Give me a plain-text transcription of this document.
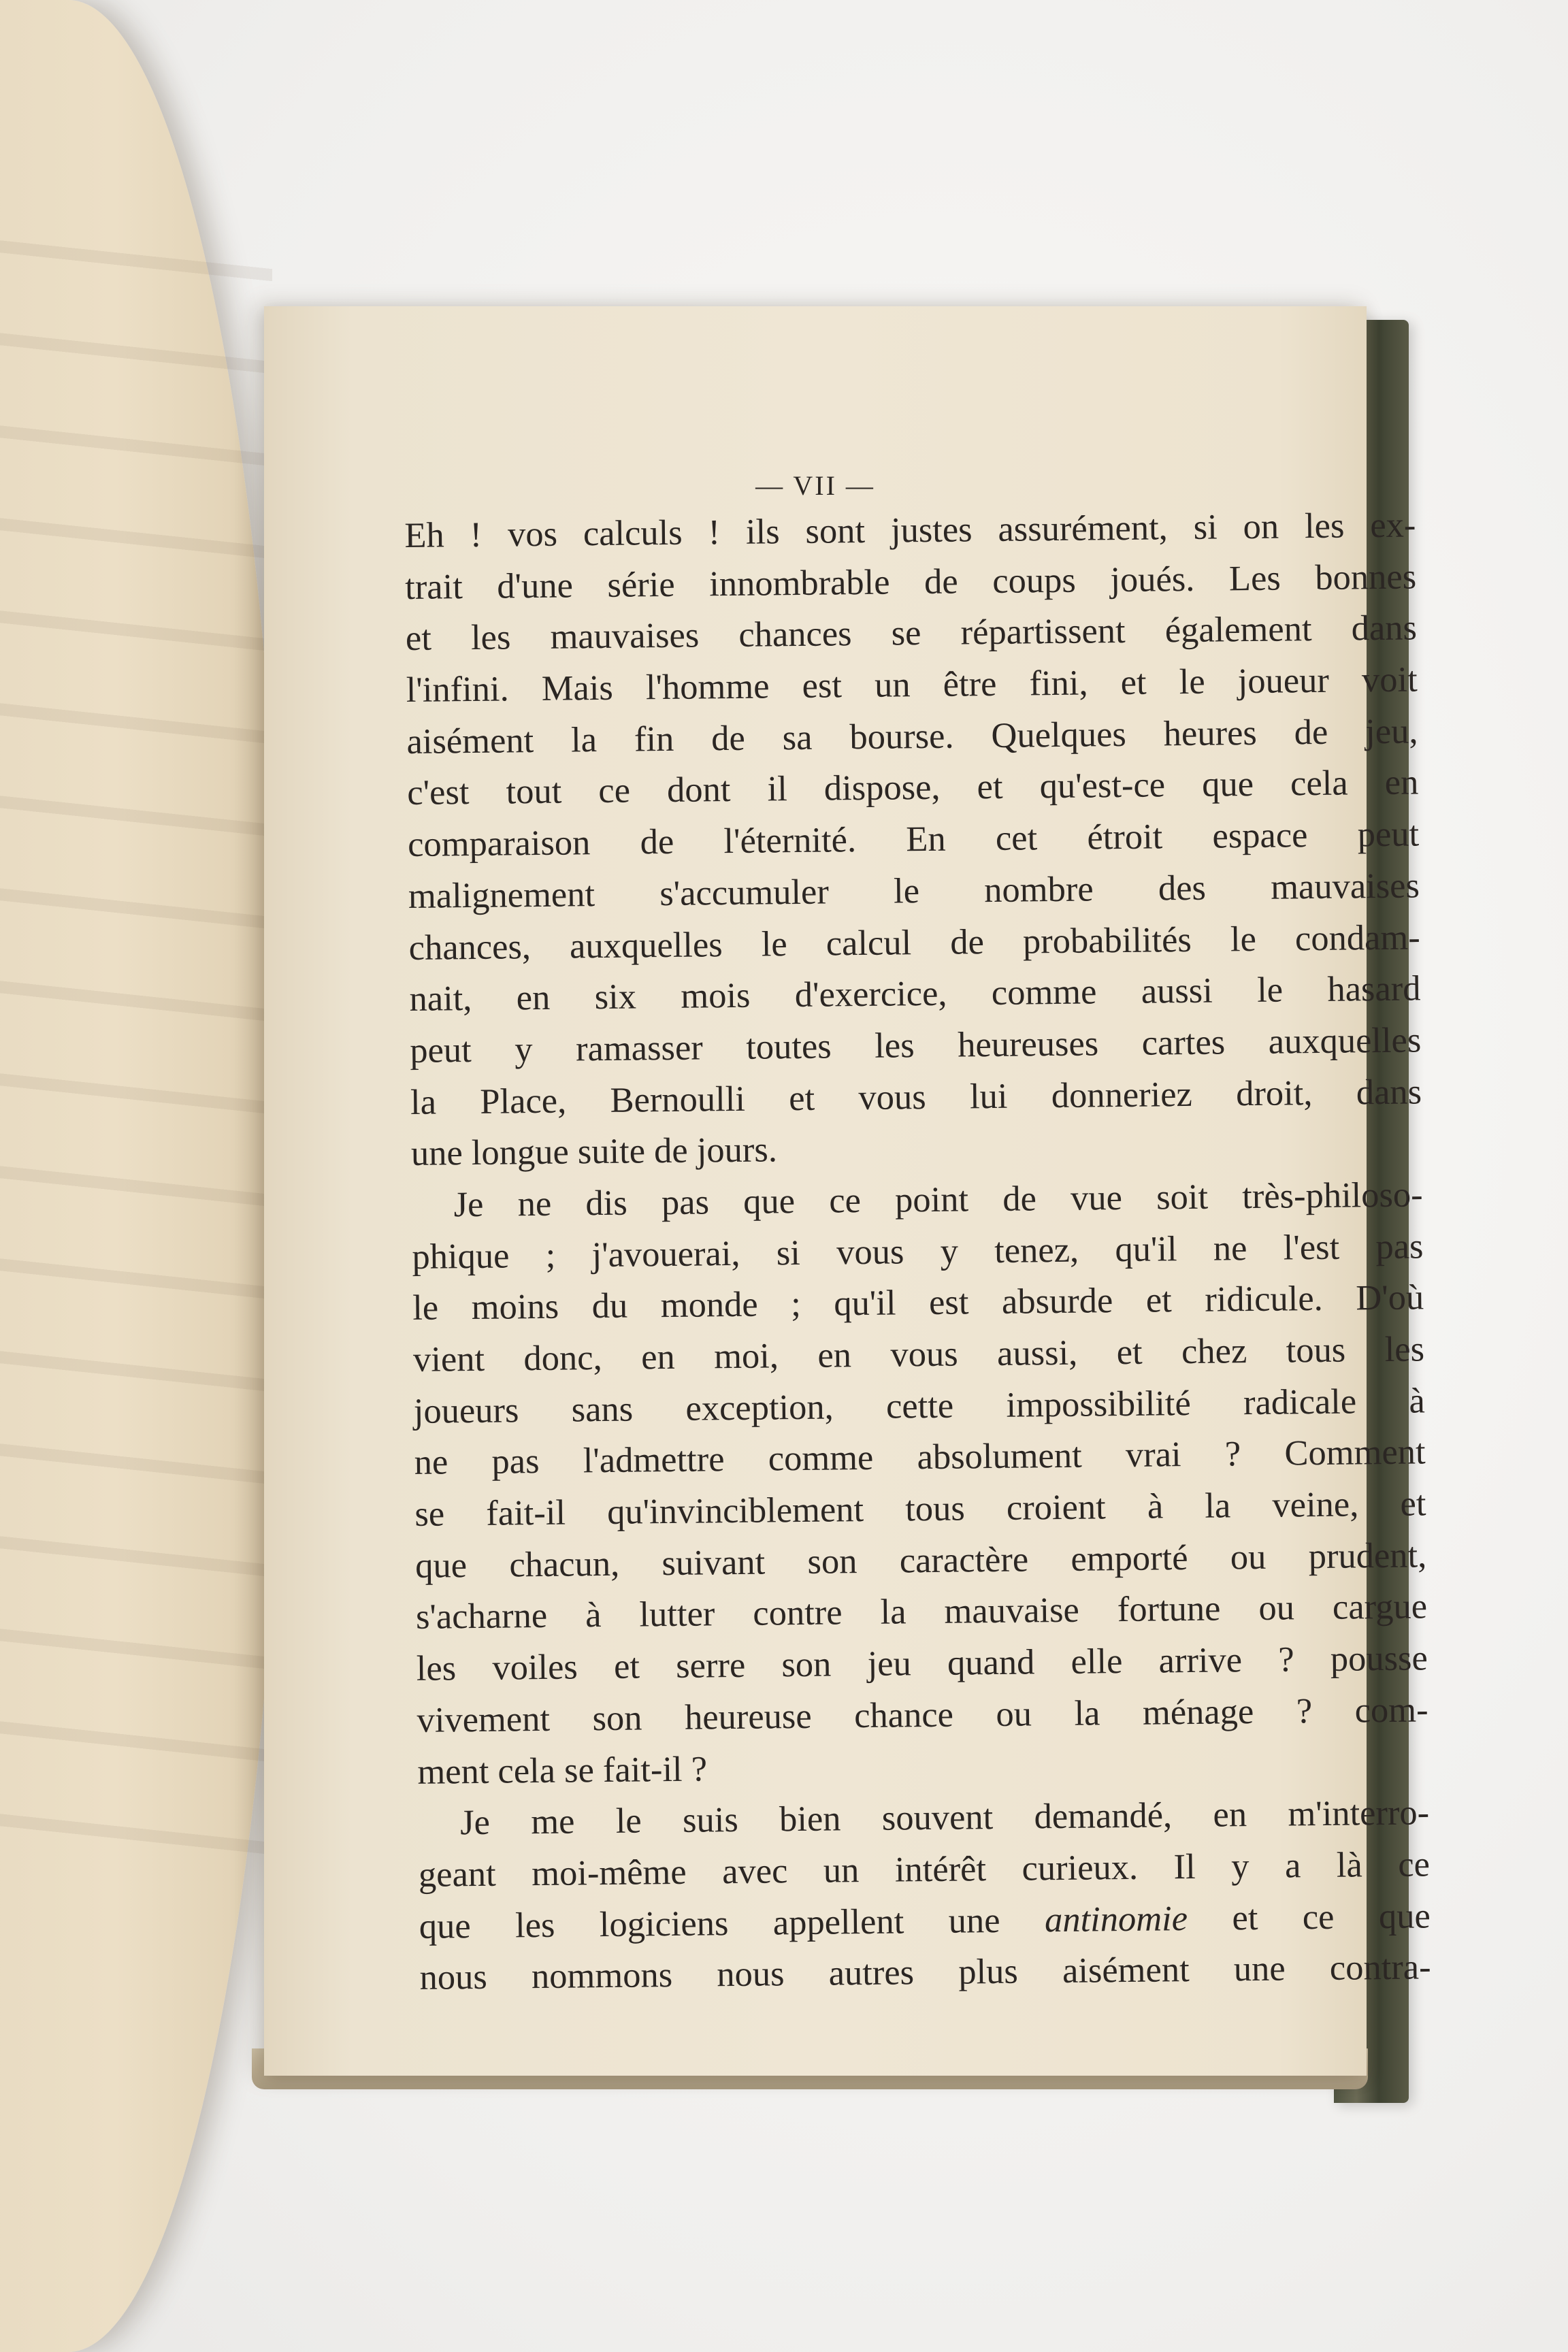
— VII —
Eh ! vos calculs ! ils sont justes assurément, si on les ex-
trait d'une série innombrable de coups joués. Les bonnes
et les mauvaises chances se répartissent également dans
l'infini. Mais l'homme est un être fini, et le joueur voit
aisément la fin de sa bourse. Quelques heures de jeu,
c'est tout ce dont il dispose, et qu'est-ce que cela en
comparaison de l'éternité. En cet étroit espace peut
malignement s'accumuler le nombre des mauvaises
chances, auxquelles le calcul de probabilités le condam-
nait, en six mois d'exercice, comme aussi le hasard
peut y ramasser toutes les heureuses cartes auxquelles
la Place, Bernoulli et vous lui donneriez droit, dans
une longue suite de jours.
Je ne dis pas que ce point de vue soit très-philoso-
phique ; j'avouerai, si vous y tenez, qu'il ne l'est pas
le moins du monde ; qu'il est absurde et ridicule. D'où
vient donc, en moi, en vous aussi, et chez tous les
joueurs sans exception, cette impossibilité radicale à
ne pas l'admettre comme absolument vrai ? Comment
se fait-il qu'invinciblement tous croient à la veine, et
que chacun, suivant son caractère emporté ou prudent,
s'acharne à lutter contre la mauvaise fortune ou cargue
les voiles et serre son jeu quand elle arrive ? pousse
vivement son heureuse chance ou la ménage ? com-
ment cela se fait-il ?
Je me le suis bien souvent demandé, en m'interro-
geant moi-même avec un intérêt curieux. Il y a là ce
que les logiciens appellent une antinomie et ce que
nous nommons nous autres plus aisément une contra-
